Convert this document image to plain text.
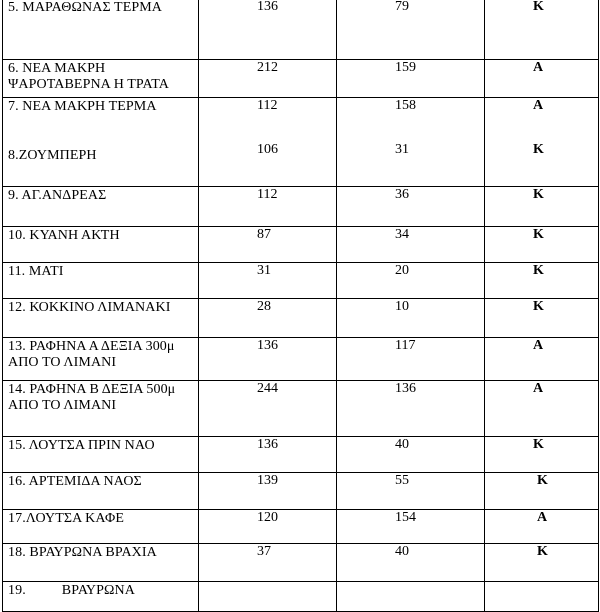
5. ΜΑΡΑΘΩΝΑΣ ΤΕΡΜΑ	136	79	Κ

6. ΝΕΑ ΜΑΚΡΗ ΨΑΡΟΤΑΒΕΡΝΑ Η ΤΡΑΤΑ	212	159	Α

7. ΝΕΑ ΜΑΚΡΗ ΤΕΡΜΑ	112	158	Α

8.ΖΟΥΜΠΕΡΗ	106	31	Κ

9. ΑΓ.ΑΝΔΡΕΑΣ	112	36	Κ

10. ΚΥΑΝΗ ΑΚΤΗ	87	34	Κ

11. ΜΑΤΙ	31	20	Κ

12. ΚΟΚΚΙΝΟ ΛΙΜΑΝΑΚΙ	28	10	Κ

13. ΡΑΦΗΝΑ Α ΔΕΞΙΑ 300μ ΑΠΟ ΤΟ ΛΙΜΑΝΙ	136	117	Α

14. ΡΑΦΗΝΑ Β ΔΕΞΙΑ 500μ ΑΠΟ ΤΟ ΛΙΜΑΝΙ	244	136	Α

15. ΛΟΥΤΣΑ ΠΡΙΝ ΝΑΟ	136	40	Κ

16. ΑΡΤΕΜΙΔΑ ΝΑΟΣ	139	55	Κ

17.ΛΟΥΤΣΑ ΚΑΦΕ	120	154	Α

18. ΒΡΑΥΡΩΝΑ ΒΡΑΧΙΑ	37	40	Κ

19.          ΒΡΑΥΡΩΝΑ			
